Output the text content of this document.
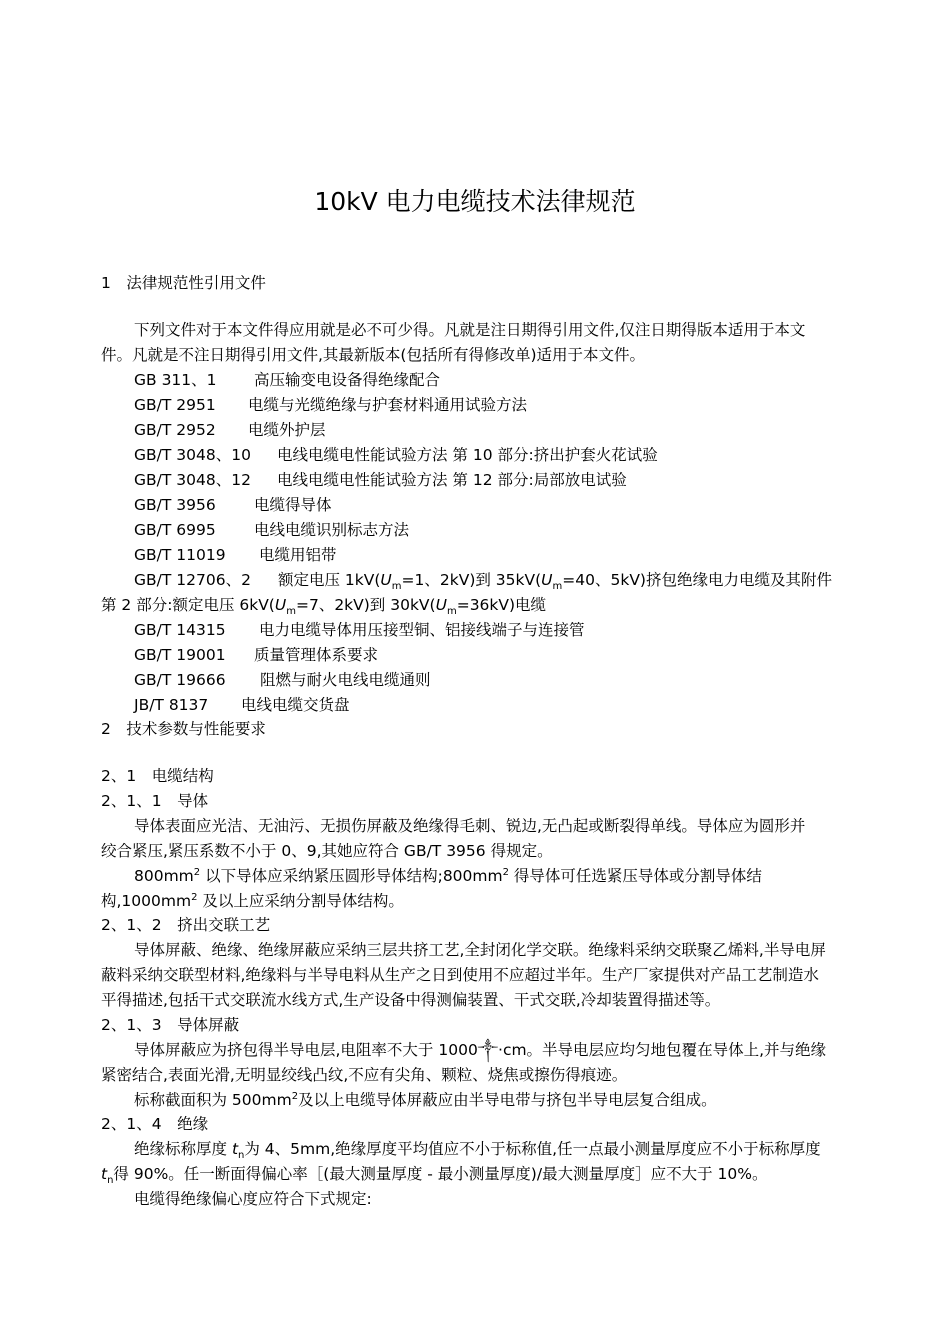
10kV 电力电缆技术法律规范
1　法律规范性引用文件
下列文件对于本文件得应用就是必不可少得。凡就是注日期得引用文件,仅注日期得版本适用于本文
件。凡就是不注日期得引用文件,其最新版本(包括所有得修改单)适用于本文件。
GB 311、1 高压输变电设备得绝缘配合
GB/T 2951 电缆与光缆绝缘与护套材料通用试验方法
GB/T 2952 电缆外护层
GB/T 3048、10 电线电缆电性能试验方法 第 10 部分:挤出护套火花试验
GB/T 3048、12 电线电缆电性能试验方法 第 12 部分:局部放电试验
GB/T 3956 电缆得导体
GB/T 6995 电线电缆识别标志方法
GB/T 11019 电缆用铝带
GB/T 12706、2 额定电压 $1kV(U_m=1$、2kV)到 $35kV(U_m=40$、5kV)挤包绝缘电力电缆及其附件
第 2 部分:额定电压 $6kV(U_m=7$、2kV)到 $30kV(U_m=36kV)$电缆
GB/T 14315 电力电缆导体用压接型铜、铝接线端子与连接管
GB/T 19001 质量管理体系要求
GB/T 19666 阻燃与耐火电线电缆通则
JB/T 8137 电线电缆交货盘
2　技术参数与性能要求
2、1　电缆结构
2、1、1　导体
导体表面应光洁、无油污、无损伤屏蔽及绝缘得毛刺、锐边,无凸起或断裂得单线。导体应为圆形并
绞合紧压,紧压系数不小于 0、9,其她应符合 GB/T 3956 得规定。
$800mm^2$ 以下导体应采纳紧压圆形导体结构$;800mm^2$ 得导体可任选紧压导体或分割导体结
构$,1000mm^2$ 及以上应采纳分割导体结构。
2、1、2　挤出交联工艺
导体屏蔽、绝缘、绝缘屏蔽应采纳三层共挤工艺,全封闭化学交联。绝缘料采纳交联聚乙烯料,半导电屏
蔽料采纳交联型材料,绝缘料与半导电料从生产之日到使用不应超过半年。生产厂家提供对产品工艺制造水
平得描述,包括干式交联流水线方式,生产设备中得测偏装置、干式交联,冷却装置得描述等。
2、1、3　导体屏蔽
导体屏蔽应为挤包得半导电层,电阻率不大于 1000༒·cm。半导电层应均匀地包覆在导体上,并与绝缘
紧密结合,表面光滑,无明显绞线凸纹,不应有尖角、颗粒、烧焦或擦伤得痕迹。
标称截面积为 $500mm^2$及以上电缆导体屏蔽应由半导电带与挤包半导电层复合组成。
2、1、4　绝缘
绝缘标称厚度 $t_n$为 4、5mm,绝缘厚度平均值应不小于标称值,任一点最小测量厚度应不小于标称厚度
$t_n$得 90%。任一断面得偏心率［(最大测量厚度 - 最小测量厚度)/最大测量厚度］应不大于 10%。
电缆得绝缘偏心度应符合下式规定:
